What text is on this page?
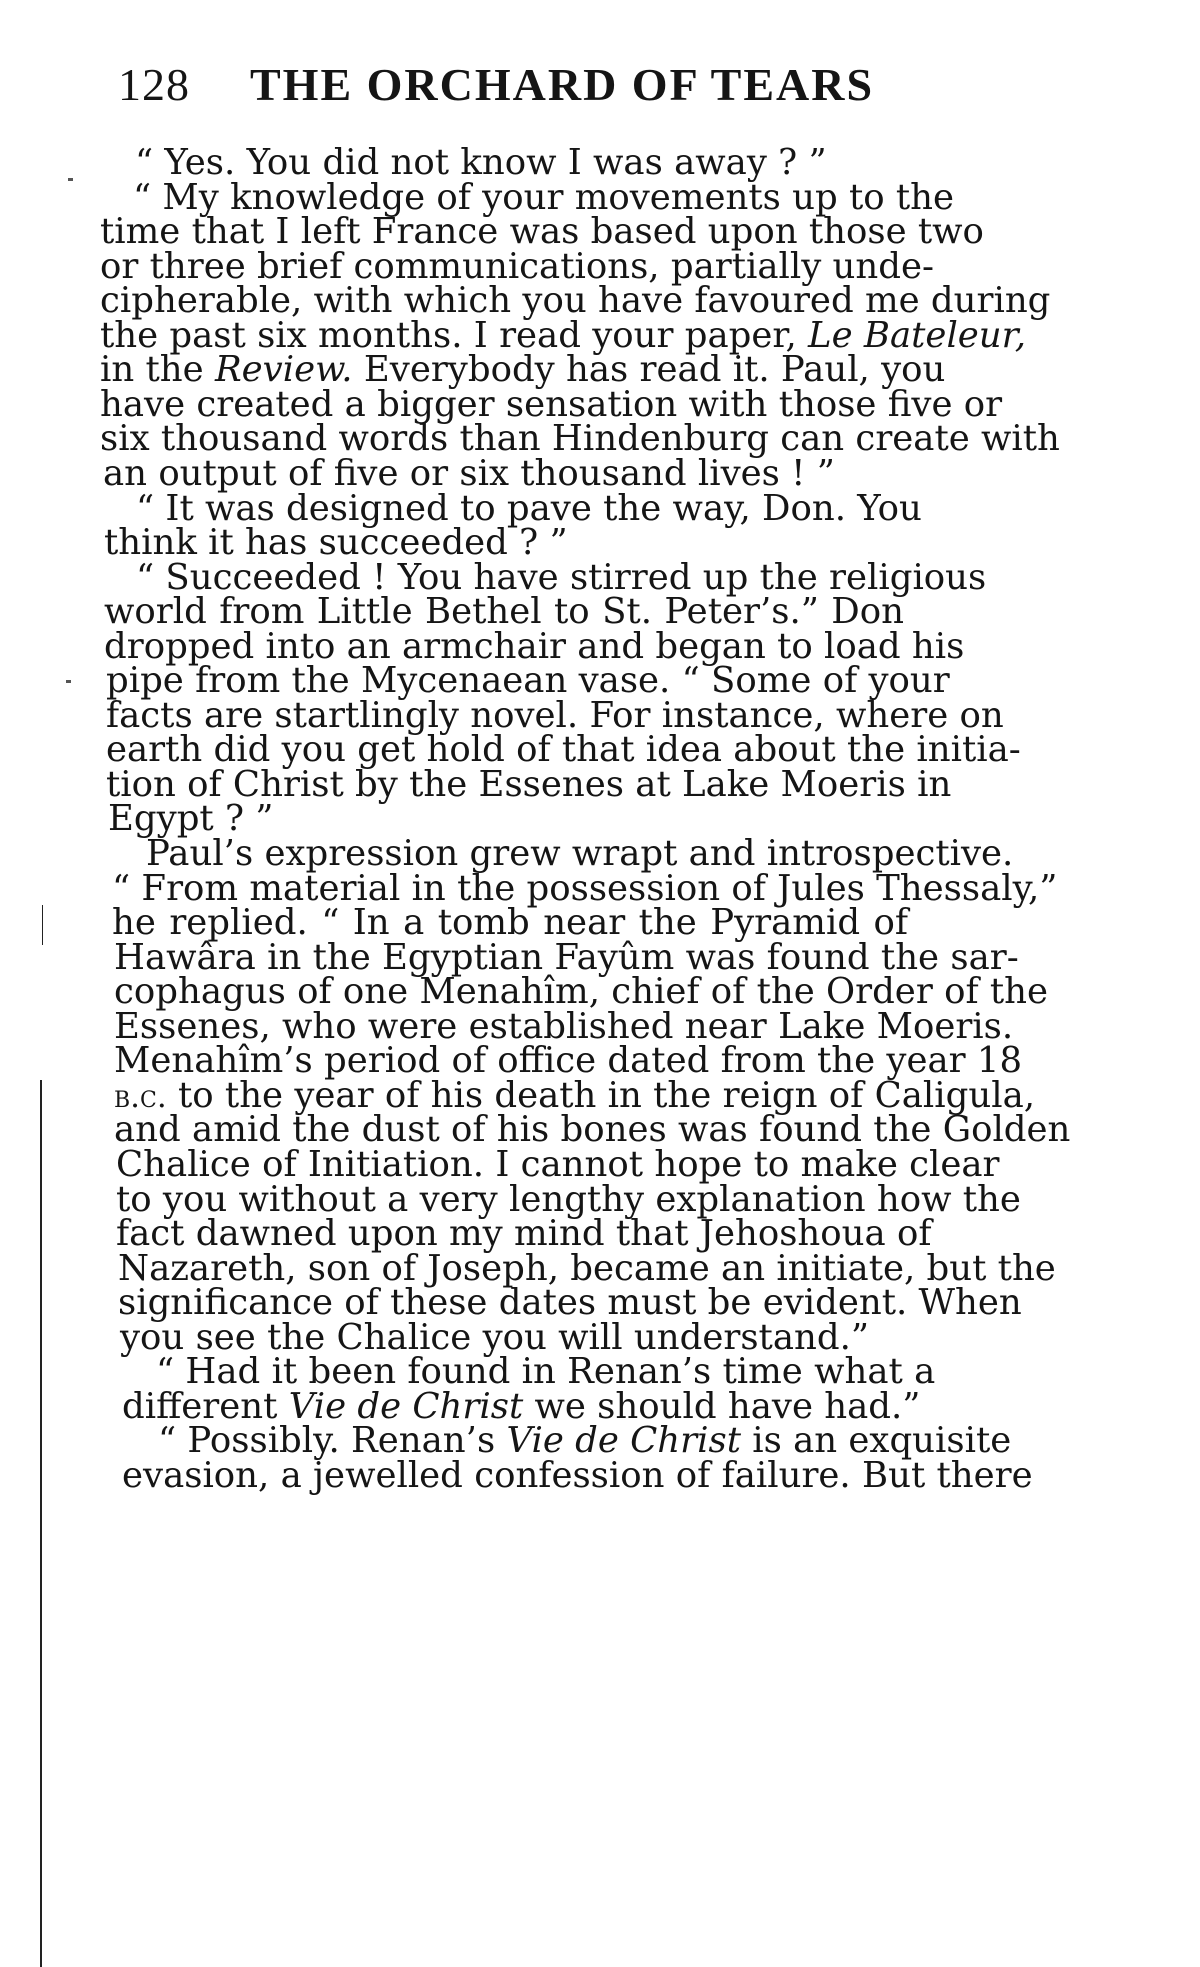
128 THE ORCHARD OF TEARS
“ Yes. You did not know I was away ? ”
“ My knowledge of your movements up to the
time that I left France was based upon those two
or three brief communications, partially unde-
cipherable, with which you have favoured me during
the past six months. I read your paper, Le Bateleur,
in the Review. Everybody has read it. Paul, you
have created a bigger sensation with those five or
six thousand words than Hindenburg can create with
an output of five or six thousand lives ! ”
“ It was designed to pave the way, Don. You
think it has succeeded ? ”
“ Succeeded ! You have stirred up the religious
world from Little Bethel to St. Peter’s.” Don
dropped into an armchair and began to load his
pipe from the Mycenaean vase. “ Some of your
facts are startlingly novel. For instance, where on
earth did you get hold of that idea about the initia-
tion of Christ by the Essenes at Lake Moeris in
Egypt ? ”
Paul’s expression grew wrapt and introspective.
“ From material in the possession of Jules Thessaly,”
he replied. “ In a tomb near the Pyramid of
Hawâra in the Egyptian Fayûm was found the sar-
cophagus of one Menahîm, chief of the Order of the
Essenes, who were established near Lake Moeris.
Menahîm’s period of office dated from the year 18
b.c. to the year of his death in the reign of Caligula,
and amid the dust of his bones was found the Golden
Chalice of Initiation. I cannot hope to make clear
to you without a very lengthy explanation how the
fact dawned upon my mind that Jehoshoua of
Nazareth, son of Joseph, became an initiate, but the
significance of these dates must be evident. When
you see the Chalice you will understand.”
“ Had it been found in Renan’s time what a
different Vie de Christ we should have had.”
“ Possibly. Renan’s Vie de Christ is an exquisite
evasion, a jewelled confession of failure. But there
